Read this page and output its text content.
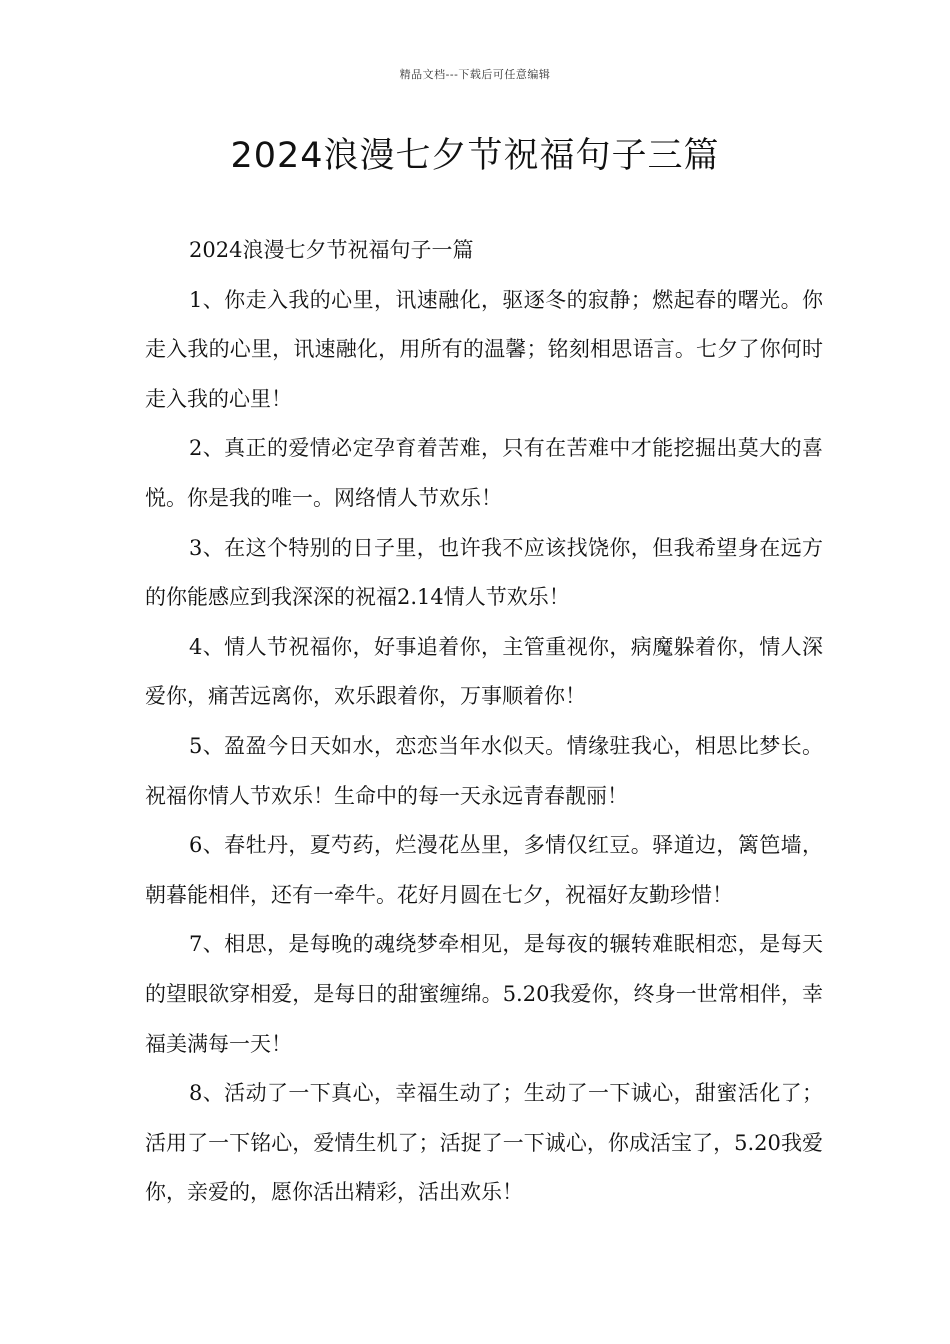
精品文档---下载后可任意编辑
2024浪漫七夕节祝福句子三篇

2024浪漫七夕节祝福句子一篇

1、你走入我的心里，讯速融化，驱逐冬的寂静；燃起春的曙光。你走入我的心里，讯速融化，用所有的温馨；铭刻相思语言。七夕了你何时走入我的心里！

2、真正的爱情必定孕育着苦难，只有在苦难中才能挖掘出莫大的喜悦。你是我的唯一。网络情人节欢乐！

3、在这个特别的日子里，也许我不应该找饶你，但我希望身在远方的你能感应到我深深的祝福2.14情人节欢乐！

4、情人节祝福你，好事追着你，主管重视你，病魔躲着你，情人深爱你，痛苦远离你，欢乐跟着你，万事顺着你！

5、盈盈今日天如水，恋恋当年水似天。情缘驻我心，相思比梦长。祝福你情人节欢乐！生命中的每一天永远青春靓丽！

6、春牡丹，夏芍药，烂漫花丛里，多情仅红豆。驿道边，篱笆墙，朝暮能相伴，还有一牵牛。花好月圆在七夕，祝福好友勤珍惜！

7、相思，是每晚的魂绕梦牵相见，是每夜的辗转难眠相恋，是每天的望眼欲穿相爱，是每日的甜蜜缠绵。5.20我爱你，终身一世常相伴，幸福美满每一天！

8、活动了一下真心，幸福生动了；生动了一下诚心，甜蜜活化了；活用了一下铭心，爱情生机了；活捉了一下诚心，你成活宝了，5.20我爱你，亲爱的，愿你活出精彩，活出欢乐！
